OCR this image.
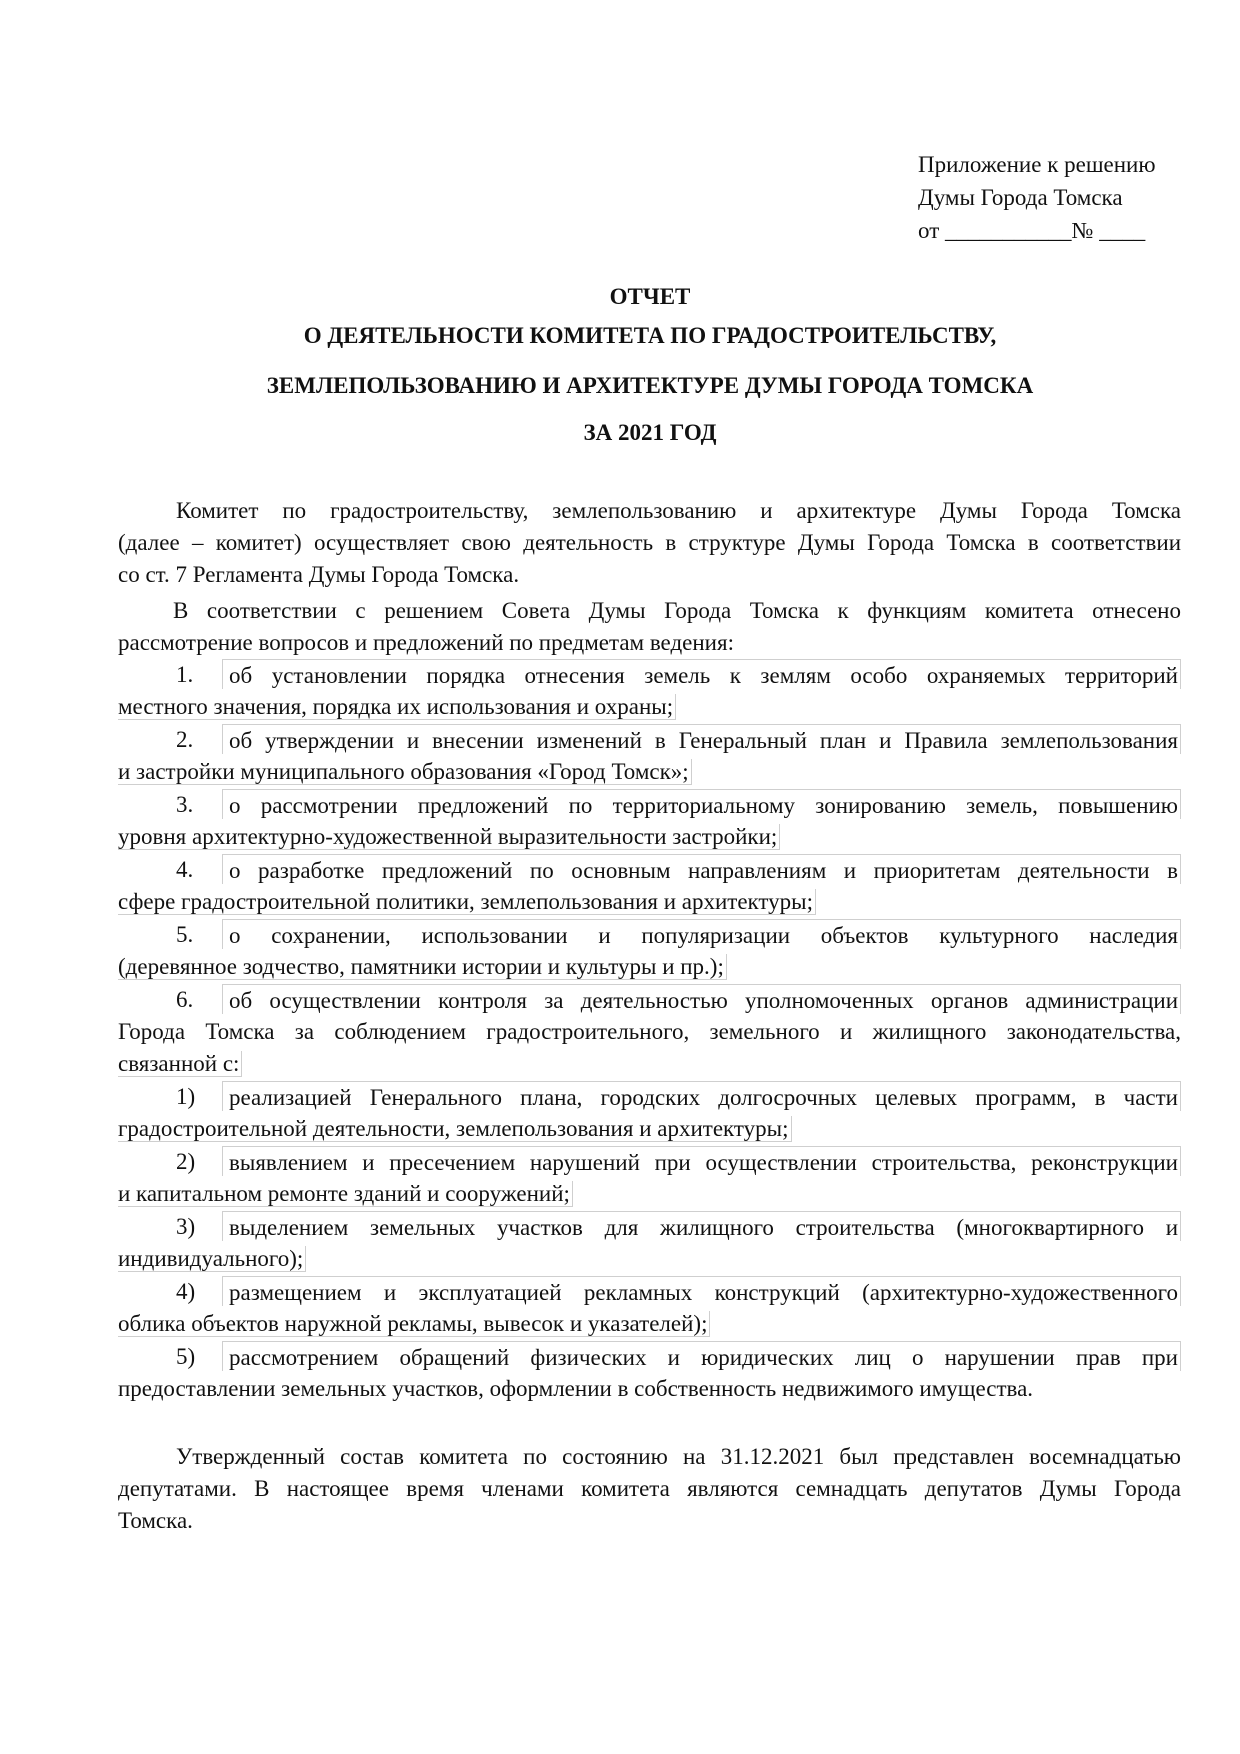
Приложение к решению
Думы Города Томска
от ___________№ ____
ОТЧЕТ
О ДЕЯТЕЛЬНОСТИ КОМИТЕТА ПО ГРАДОСТРОИТЕЛЬСТВУ,
ЗЕМЛЕПОЛЬЗОВАНИЮ И АРХИТЕКТУРЕ ДУМЫ ГОРОДА ТОМСКА
ЗА 2021 ГОД
Комитет по градостроительству, землепользованию и архитектуре Думы Города Томска
(далее – комитет) осуществляет свою деятельность в структуре Думы Города Томска в соответствии
со ст. 7 Регламента Думы Города Томска.
В соответствии с решением Совета Думы Города Томска к функциям комитета отнесено
рассмотрение вопросов и предложений по предметам ведения:
1.	об установлении порядка отнесения земель к землям особо охраняемых территорий
местного значения, порядка их использования и охраны;
2.	об утверждении и внесении изменений в Генеральный план и Правила землепользования
и застройки муниципального образования «Город Томск»;
3.	о рассмотрении предложений по территориальному зонированию земель, повышению
уровня архитектурно-художественной выразительности застройки;
4.	о разработке предложений по основным направлениям и приоритетам деятельности в
сфере градостроительной политики, землепользования и архитектуры;
5.	о сохранении, использовании и популяризации объектов культурного наследия
(деревянное зодчество, памятники истории и культуры и пр.);
6.	об осуществлении контроля за деятельностью уполномоченных органов администрации
Города Томска за соблюдением градостроительного, земельного и жилищного законодательства,
связанной с:
1)	реализацией Генерального плана, городских долгосрочных целевых программ, в части
градостроительной деятельности, землепользования и архитектуры;
2)	выявлением и пресечением нарушений при осуществлении строительства, реконструкции
и капитальном ремонте зданий и сооружений;
3)	выделением земельных участков для жилищного строительства (многоквартирного и
индивидуального);
4)	размещением и эксплуатацией рекламных конструкций (архитектурно-художественного
облика объектов наружной рекламы, вывесок и указателей);
5)	рассмотрением обращений физических и юридических лиц о нарушении прав при
предоставлении земельных участков, оформлении в собственность недвижимого имущества.
Утвержденный состав комитета по состоянию на 31.12.2021 был представлен восемнадцатью
депутатами. В настоящее время членами комитета являются семнадцать депутатов Думы Города
Томска.
